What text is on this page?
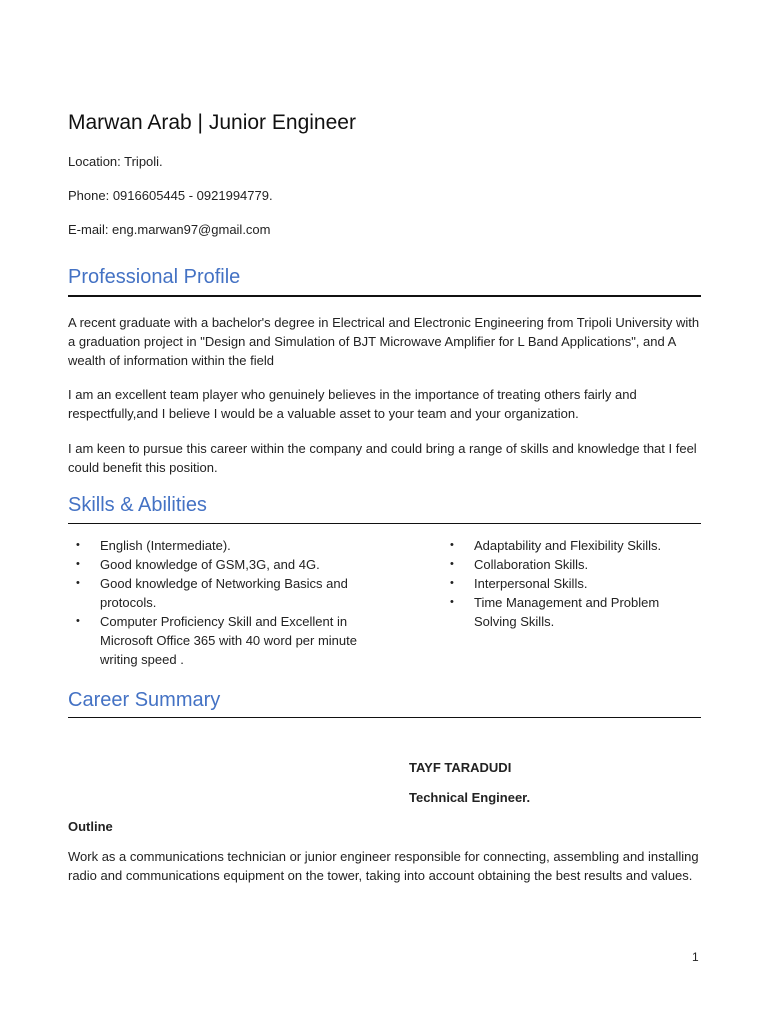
Marwan Arab | Junior Engineer
Location: Tripoli.
Phone: 0916605445 - 0921994779.
E-mail: eng.marwan97@gmail.com
Professional Profile

A recent graduate with a bachelor's degree in Electrical and Electronic Engineering from Tripoli University with a graduation project in "Design and Simulation of BJT Microwave Amplifier for L Band Applications", and A wealth of information within the field

I am an excellent team player who genuinely believes in the importance of treating others fairly and respectfully,and I believe I would be a valuable asset to your team and your organization.

I am keen to pursue this career within the company and could bring a range of skills and knowledge that I feel could benefit this position.

Skills & Abilities
• English (Intermediate).
• Good knowledge of GSM,3G, and 4G.
• Good knowledge of Networking Basics and protocols.
• Computer Proficiency Skill and Excellent in Microsoft Office 365 with 40 word per minute writing speed .
• Adaptability and Flexibility Skills.
• Collaboration Skills.
• Interpersonal Skills.
• Time Management and Problem Solving Skills.
Career Summary
TAYF TARADUDI
Technical Engineer.
Outline

Work as a communications technician or junior engineer responsible for connecting, assembling and installing radio and communications equipment on the tower, taking into account obtaining the best results and values.

1
